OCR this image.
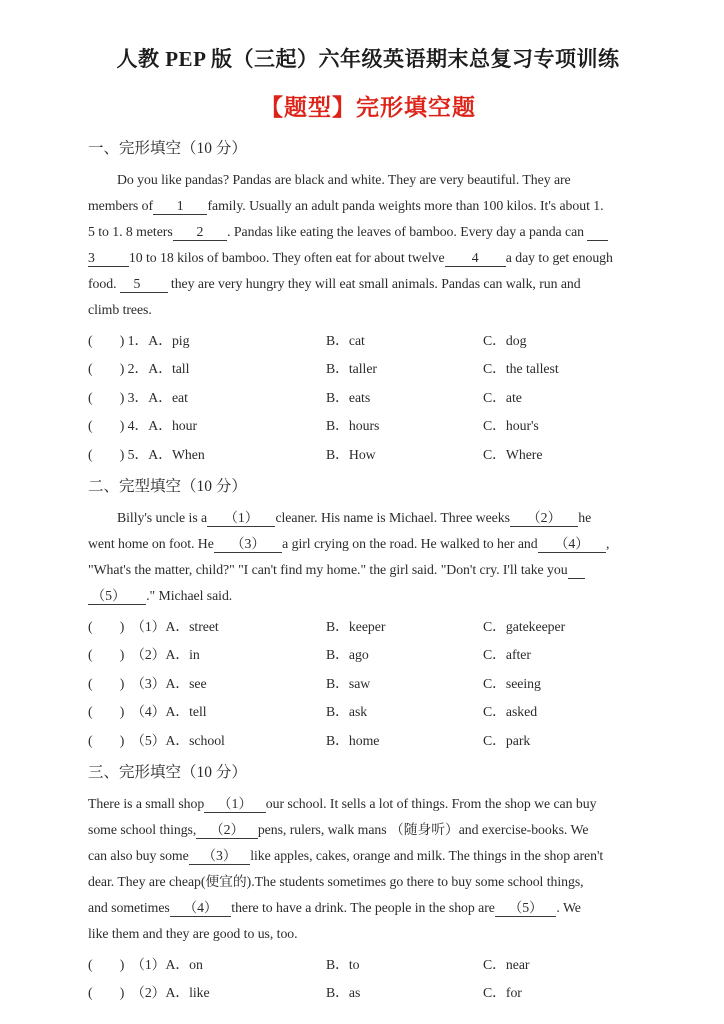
人教 PEP 版（三起）六年级英语期末总复习专项训练
【题型】完形填空题
一、完形填空（10 分）
Do you like pandas? Pandas are black and white. They are very beautiful. They are
members of       1       family. Usually an adult panda weights more than 100 kilos. It's about 1.
5 to 1. 8 meters       2       . Pandas like eating the leaves of bamboo. Every day a panda can
3          10 to 18 kilos of bamboo. They often eat for about twelve        4        a day to get enough
food.     5         they are very hungry they will eat small animals. Pandas can walk, run and
climb trees.
(        ) 1．A．pig	B．cat	C．dog
(        ) 2．A．tall	B．taller	C．the tallest
(        ) 3．A．eat	B．eats	C．ate
(        ) 4．A．hour	B．hours	C．hour's
(        ) 5．A．When	B．How	C．Where
二、完型填空（10 分）
Billy's uncle is a     （1）     cleaner. His name is Michael. Three weeks     （2）     he
went home on foot. He     （3）     a girl crying on the road. He walked to her and     （4）     ,
"What's the matter, child?" "I can't find my home." the girl said. "Don't cry. I'll take you
（5）      ." Michael said.
(        )  （1）A．street	B．keeper	C．gatekeeper
(        )  （2）A．in	B．ago	C．after
(        )  （3）A．see	B．saw	C．seeing
(        )  （4）A．tell	B．ask	C．asked
(        )  （5）A．school	B．home	C．park
三、完形填空（10 分）
There is a small shop    （1）    our school. It sells a lot of things. From the shop we can buy
some school things,    （2）    pens, rulers, walk mans （随身听）and exercise-books. We
can also buy some    （3）    like apples, cakes, orange and milk. The things in the shop aren't
dear. They are cheap(便宜的).The students sometimes go there to buy some school things,
and sometimes    （4）    there to have a drink. The people in the shop are    （5）    . We
like them and they are good to us, too.
(        )  （1）A．on	B．to	C．near
(        )  （2）A．like	B．as	C．for
